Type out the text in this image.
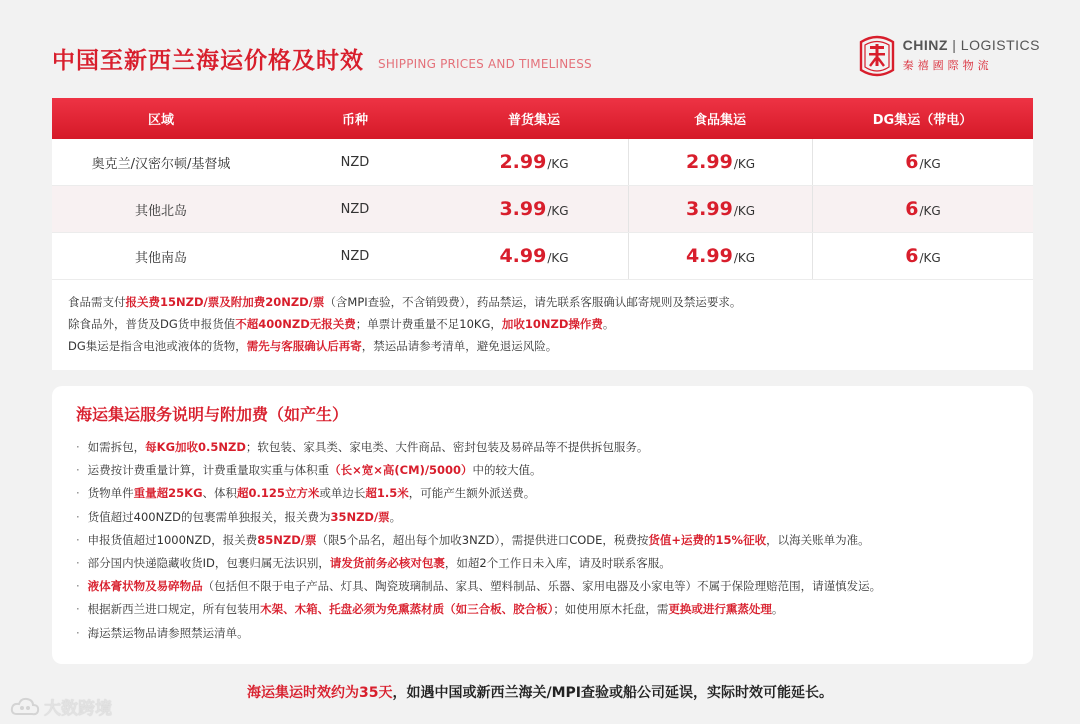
中国至新西兰海运价格及时效 SHIPPING PRICES AND TIMELINESS
CHINZ | LOGISTICS
秦禧國際物流
区域	币种	普货集运	食品集运	DG集运（带电）
奥克兰/汉密尔顿/基督城	NZD	2.99 /KG	2.99 /KG	6 /KG
其他北岛	NZD	3.99 /KG	3.99 /KG	6 /KG
其他南岛	NZD	4.99 /KG	4.99 /KG	6 /KG
食品需支付报关费15NZD/票及附加费20NZD/票（含MPI查验，不含销毁费），药品禁运，请先联系客服确认邮寄规则及禁运要求。
除食品外，普货及DG货申报货值不超400NZD无报关费；单票计费重量不足10KG，加收10NZD操作费。
DG集运是指含电池或液体的货物，需先与客服确认后再寄，禁运品请参考清单，避免退运风险。
海运集运服务说明与附加费（如产生）
· 如需拆包，每KG加收0.5NZD；软包装、家具类、家电类、大件商品、密封包装及易碎品等不提供拆包服务。
· 运费按计费重量计算，计费重量取实重与体积重（长×宽×高(CM)/5000）中的较大值。
· 货物单件重量超25KG、体积超0.125立方米或单边长超1.5米，可能产生额外派送费。
· 货值超过400NZD的包裹需单独报关，报关费为35NZD/票。
· 申报货值超过1000NZD，报关费85NZD/票（限5个品名，超出每个加收3NZD），需提供进口CODE，税费按货值+运费的15%征收，以海关账单为准。
· 部分国内快递隐藏收货ID，包裹归属无法识别，请发货前务必核对包裹，如超2个工作日未入库，请及时联系客服。
· 液体膏状物及易碎物品（包括但不限于电子产品、灯具、陶瓷玻璃制品、家具、塑料制品、乐器、家用电器及小家电等）不属于保险理赔范围，请谨慎发运。
· 根据新西兰进口规定，所有包装用木架、木箱、托盘必须为免熏蒸材质（如三合板、胶合板）；如使用原木托盘，需更换或进行熏蒸处理。
· 海运禁运物品请参照禁运清单。
海运集运时效约为35天，如遇中国或新西兰海关/MPI查验或船公司延误，实际时效可能延长。
大数跨境
